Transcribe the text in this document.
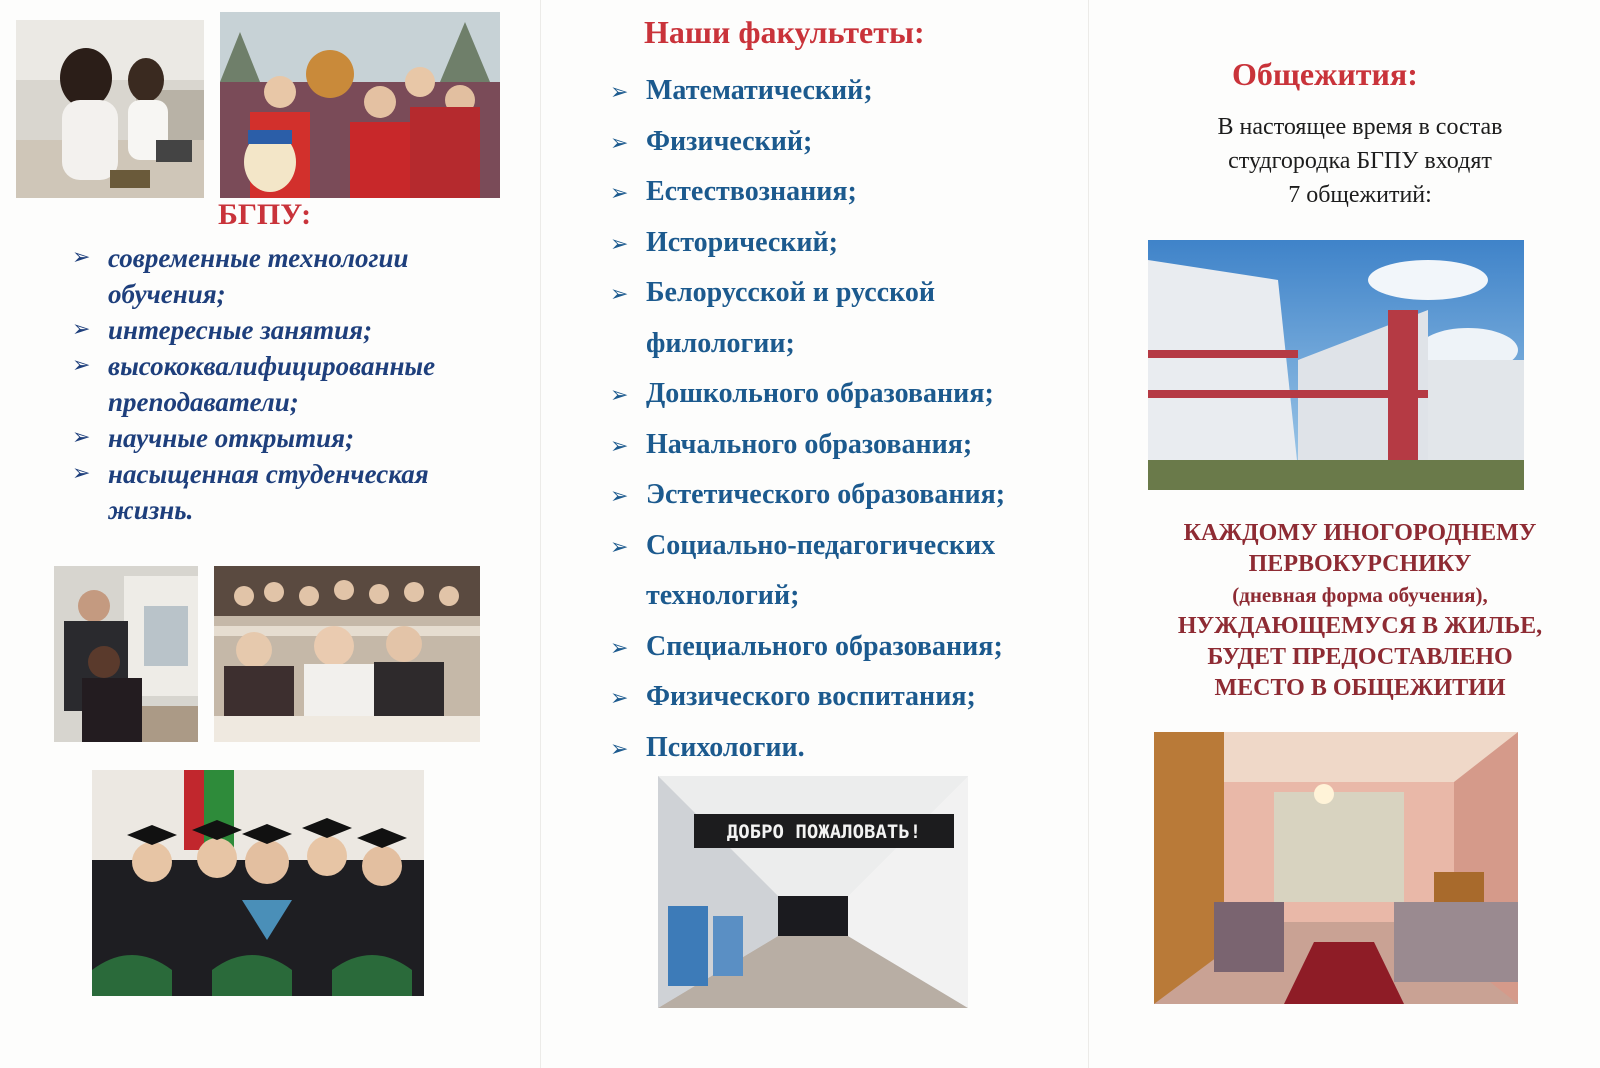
БГПУ:
➢ современные технологии обучения;
➢ интересные занятия;
➢ высококвалифицированные преподаватели;
➢ научные открытия;
➢ насыщенная студенческая жизнь.
Наши факультеты:
➢ Математический;
➢ Физический;
➢ Естествознания;
➢ Исторический;
➢ Белорусской и русской филологии;
➢ Дошкольного образования;
➢ Начального образования;
➢ Эстетического образования;
➢ Социально-педагогических технологий;
➢ Специального образования;
➢ Физического воспитания;
➢ Психологии.
ДОБРО ПОЖАЛОВАТЬ!
Общежития:

В настоящее время в состав
студгородка БГПУ входят
7 общежитий:

КАЖДОМУ ИНОГОРОДНЕМУ
ПЕРВОКУРСНИКУ
(дневная форма обучения),
НУЖДАЮЩЕМУСЯ В ЖИЛЬЕ,
БУДЕТ ПРЕДОСТАВЛЕНО
МЕСТО В ОБЩЕЖИТИИ
